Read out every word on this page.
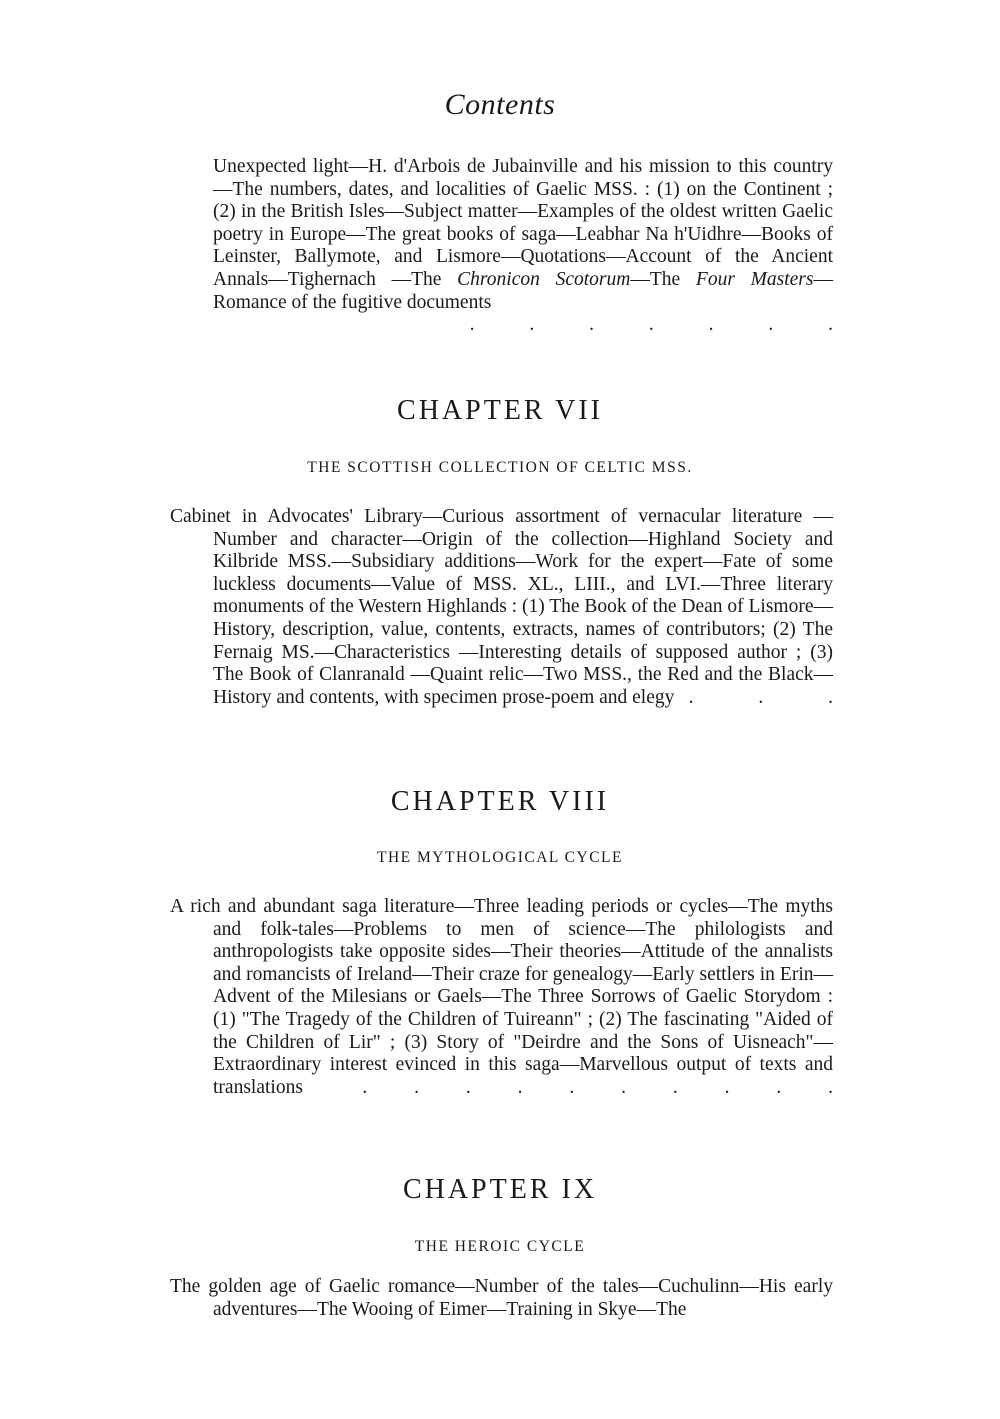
Contents

Unexpected light—H. d'Arbois de Jubainville and his mission to this country—The numbers, dates, and localities of Gaelic MSS. : (1) on the Continent ; (2) in the British Isles—Subject matter—Examples of the oldest written Gaelic poetry in Europe—The great books of saga—Leabhar Na h'Uidhre—Books of Leinster, Ballymote, and Lismore—Quotations—Account of the Ancient Annals—Tighernach —The Chronicon Scotorum—The Four Masters—Romance of the fugitive documents
. . . . . . .

CHAPTER VII
THE SCOTTISH COLLECTION OF CELTIC MSS.

Cabinet in Advocates' Library—Curious assortment of vernacular literature —Number and character—Origin of the collection—Highland Society and Kilbride MSS.—Subsidiary additions—Work for the expert—Fate of some luckless documents—Value of MSS. XL., LIII., and LVI.—Three literary monuments of the Western Highlands : (1) The Book of the Dean of Lismore—History, description, value, contents, extracts, names of contributors; (2) The Fernaig MS.—Characteristics —Interesting details of supposed author ; (3) The Book of Clanranald —Quaint relic—Two MSS., the Red and the Black—History and contents, with specimen prose-poem and elegy . . .

CHAPTER VIII
THE MYTHOLOGICAL CYCLE

A rich and abundant saga literature—Three leading periods or cycles—The myths and folk-tales—Problems to men of science—The philologists and anthropologists take opposite sides—Their theories—Attitude of the annalists and romancists of Ireland—Their craze for genealogy—Early settlers in Erin—Advent of the Milesians or Gaels—The Three Sorrows of Gaelic Storydom : (1) "The Tragedy of the Children of Tuireann" ; (2) The fascinating "Aided of the Children of Lir" ; (3) Story of "Deirdre and the Sons of Uisneach"—Extraordinary interest evinced in this saga—Marvellous output of texts and translations	. . . . . . . . . .

CHAPTER IX
THE HEROIC CYCLE

The golden age of Gaelic romance—Number of the tales—Cuchulinn—His early adventures—The Wooing of Eimer—Training in Skye—The
